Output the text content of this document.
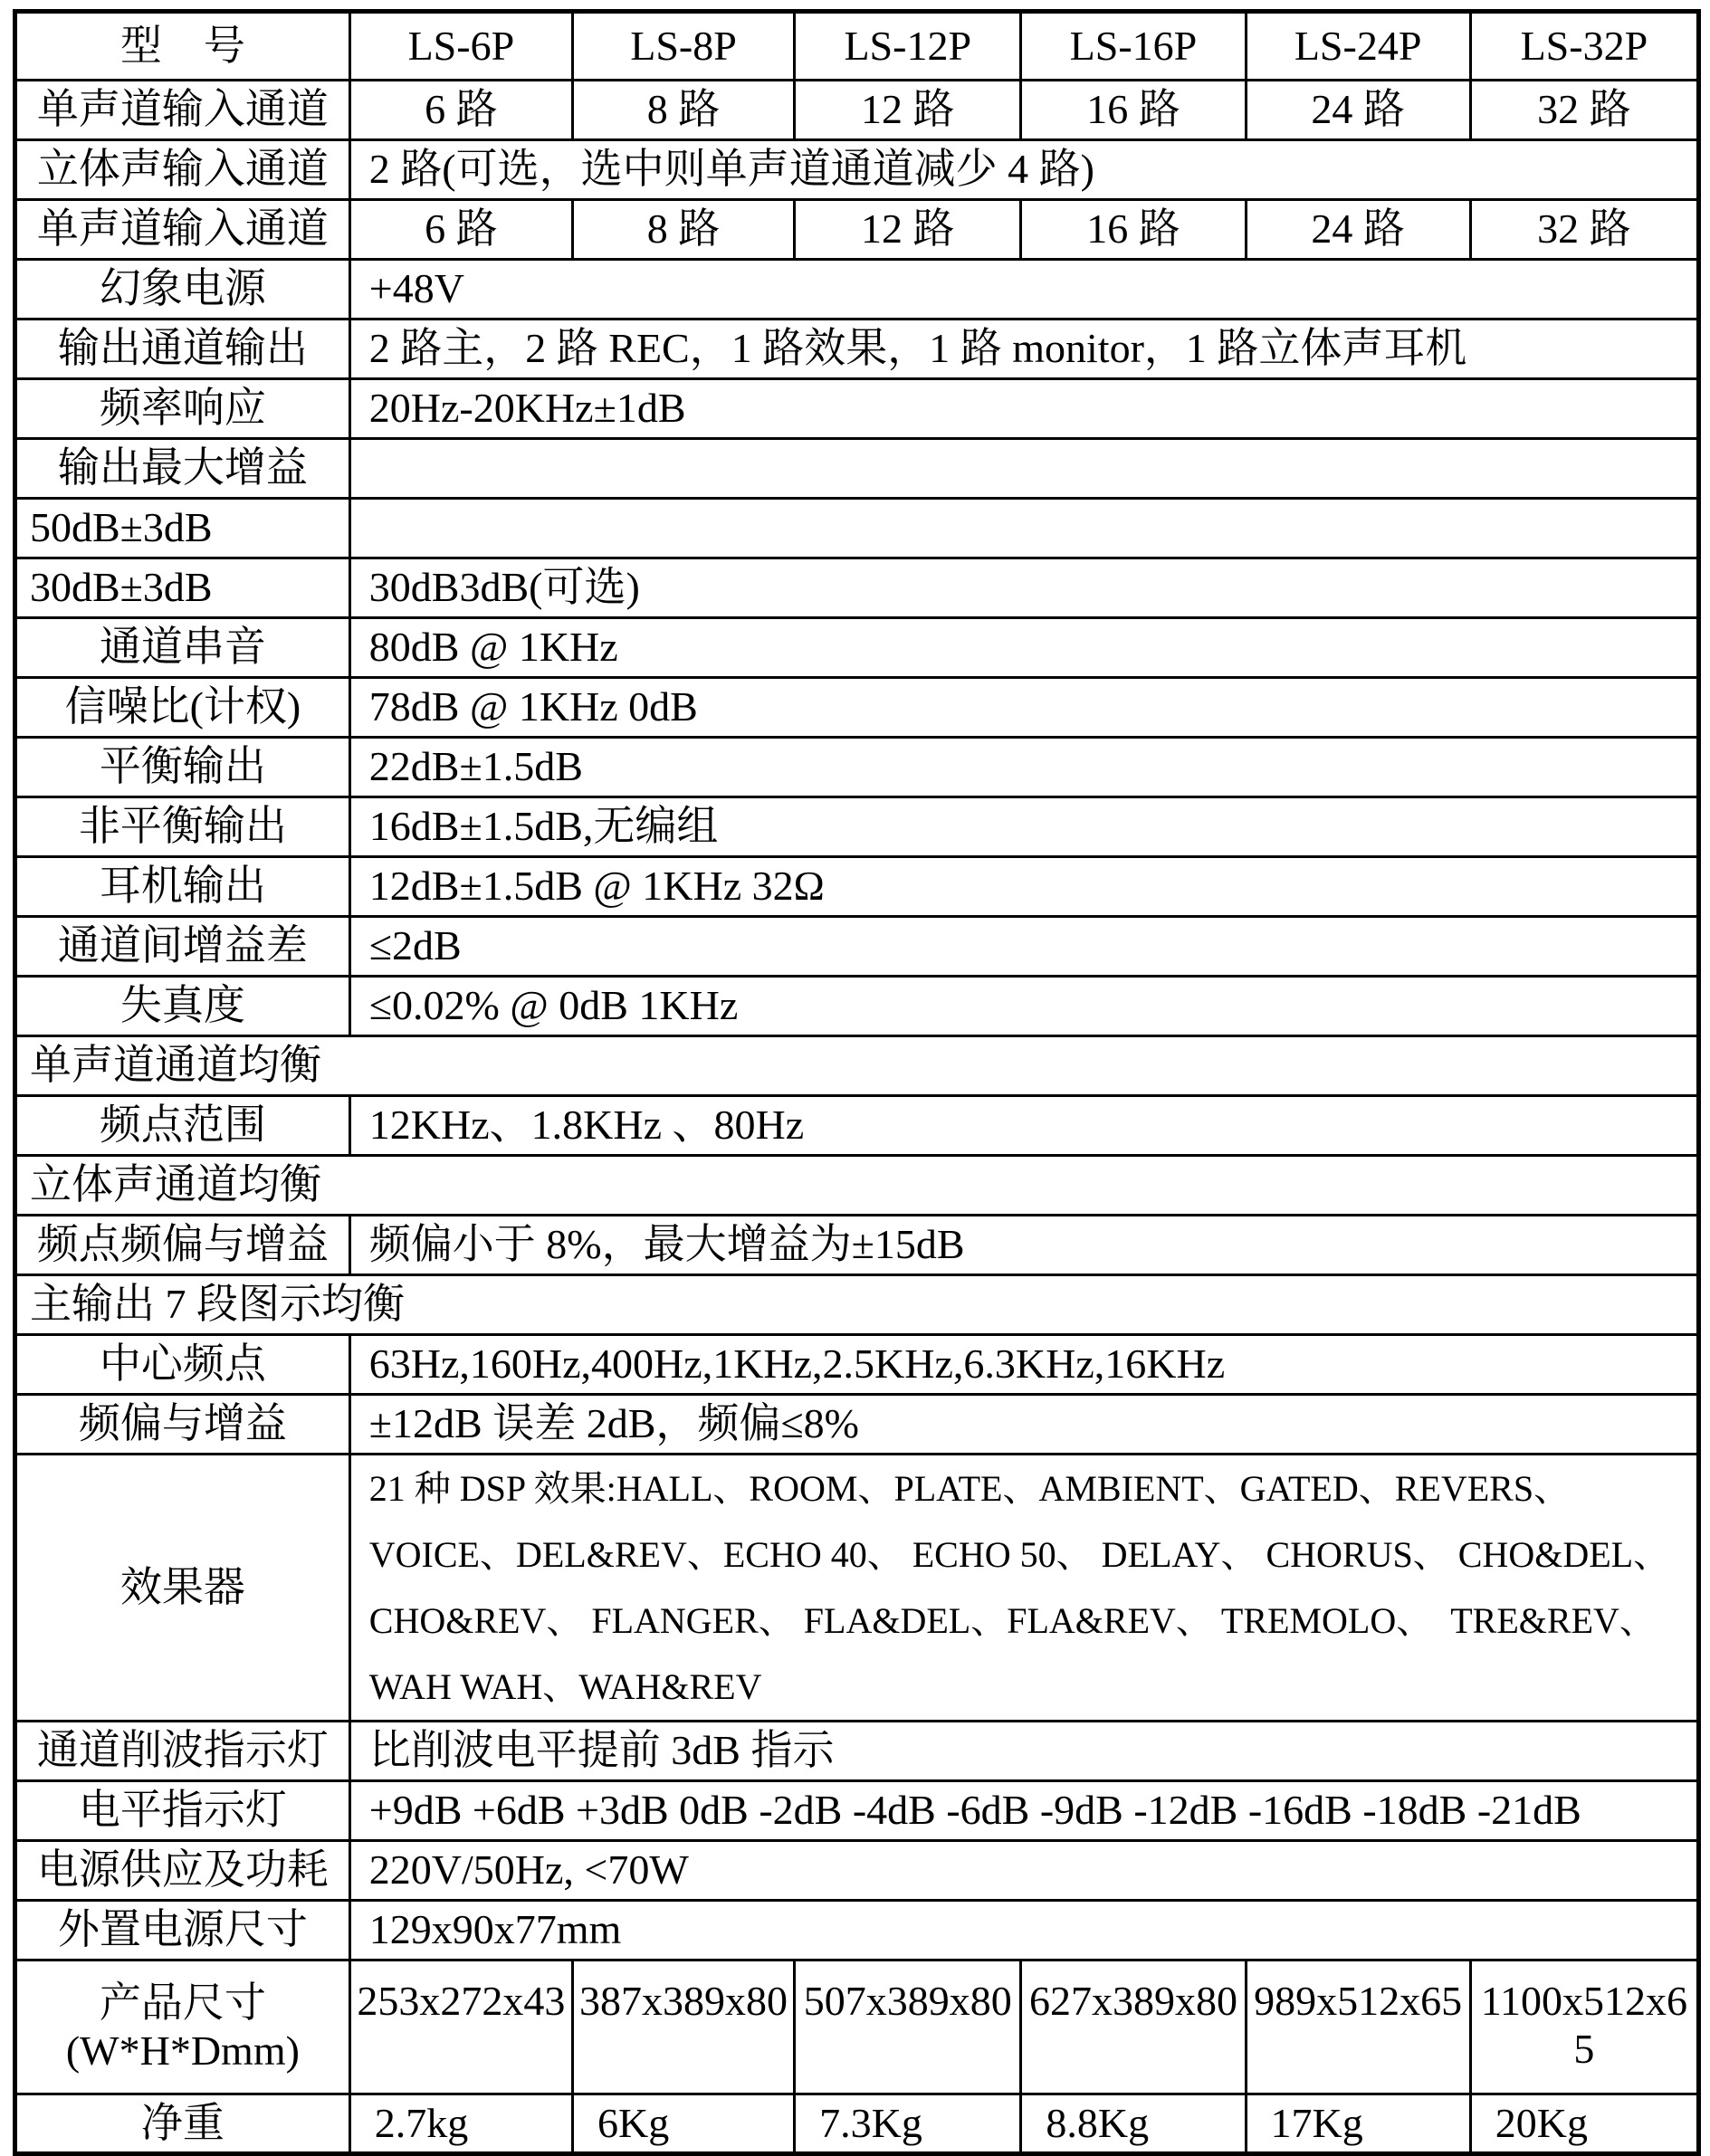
型　号	LS-6P	LS-8P	LS-12P	LS-16P	LS-24P	LS-32P
单声道输入通道	6 路	8 路	12 路	16 路	24 路	32 路
立体声输入通道	2 路(可选，选中则单声道通道减少 4 路)					
单声道输入通道	6 路	8 路	12 路	16 路	24 路	32 路
幻象电源	+48V					
输出通道输出	2 路主，2 路 REC，1 路效果，1 路 monitor，1 路立体声耳机					
频率响应	20Hz-20KHz±1dB					
输出最大增益						
50dB±3dB						
30dB±3dB	30dB3dB(可选)					
通道串音	80dB @ 1KHz					
信噪比(计权)	78dB @ 1KHz 0dB					
平衡输出	22dB±1.5dB					
非平衡输出	16dB±1.5dB,无编组					
耳机输出	12dB±1.5dB @ 1KHz 32Ω					
通道间增益差	≤2dB					
失真度	≤0.02% @ 0dB 1KHz					
单声道通道均衡						
频点范围	12KHz、1.8KHz 、80Hz					
立体声通道均衡						
频点频偏与增益	频偏小于 8%，最大增益为±15dB					
主输出 7 段图示均衡						
中心频点	63Hz,160Hz,400Hz,1KHz,2.5KHz,6.3KHz,16KHz					
频偏与增益	±12dB 误差 2dB，频偏≤8%					
效果器	21 种 DSP 效果:HALL、ROOM、PLATE、AMBIENT、GATED、REVERS、VOICE、DEL&REV、ECHO 40、 ECHO 50、 DELAY、 CHORUS、 CHO&DEL、 CHO&REV、 FLANGER、 FLA&DEL、FLA&REV、 TREMOLO、　TRE&REV、WAH WAH、WAH&REV					
通道削波指示灯	比削波电平提前 3dB 指示					
电平指示灯	+9dB +6dB +3dB 0dB -2dB -4dB -6dB -9dB -12dB -16dB -18dB -21dB					
电源供应及功耗	220V/50Hz, <70W					
外置电源尺寸	129x90x77mm					

产品尺寸
(W*H*Dmm)	253x272x43	387x389x80	507x389x80	627x389x80	989x512x65	1100x512x65
净重	2.7kg	6Kg	7.3Kg	8.8Kg	17Kg	20Kg
